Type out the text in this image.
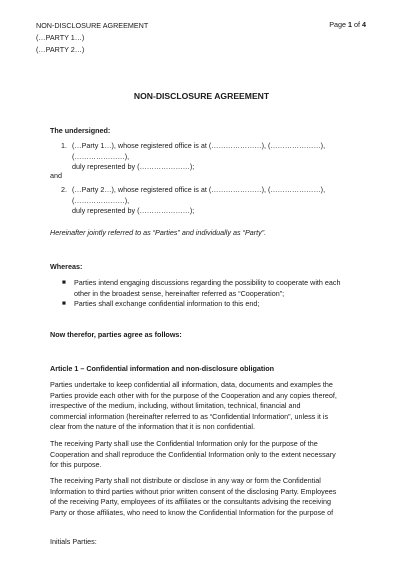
NON-DISCLOSURE AGREEMENT
(…PARTY 1…)
(…PARTY 2…)
Page 1 of 4
NON-DISCLOSURE AGREEMENT
The undersigned:
1. (…Party 1…), whose registered office is at (…………………), (…………………), (…………………),
duly represented by (…………………);
and
2. (…Party 2…), whose registered office is at (…………………), (…………………), (…………………),
duly represented by (…………………);
Hereinafter jointly referred to as “Parties” and individually as “Party”.
Whereas:
■ Parties intend engaging discussions regarding the possibility to cooperate with each
other in the broadest sense, hereinafter referred as “Cooperation”;
■ Parties shall exchange confidential information to this end;
Now therefor, parties agree as follows:
Article 1 – Confidential information and non-disclosure obligation

Parties undertake to keep confidential all information, data, documents and examples the

Parties provide each other with for the purpose of the Cooperation and any copies thereof,

irrespective of the medium, including, without limitation, technical, financial and

commercial information (hereinafter referred to as “Confidential Information”, unless it is

clear from the nature of the information that it is non confidential.

The receiving Party shall use the Confidential Information only for the purpose of the

Cooperation and shall reproduce the Confidential Information only to the extent necessary

for this purpose.

The receiving Party shall not distribute or disclose in any way or form the Confidential

Information to third parties without prior written consent of the disclosing Party. Employees

of the receiving Party, employees of its affiliates or the consultants advising the receiving

Party or those affiliates, who need to know the Confidential Information for the purpose of

Initials Parties:
